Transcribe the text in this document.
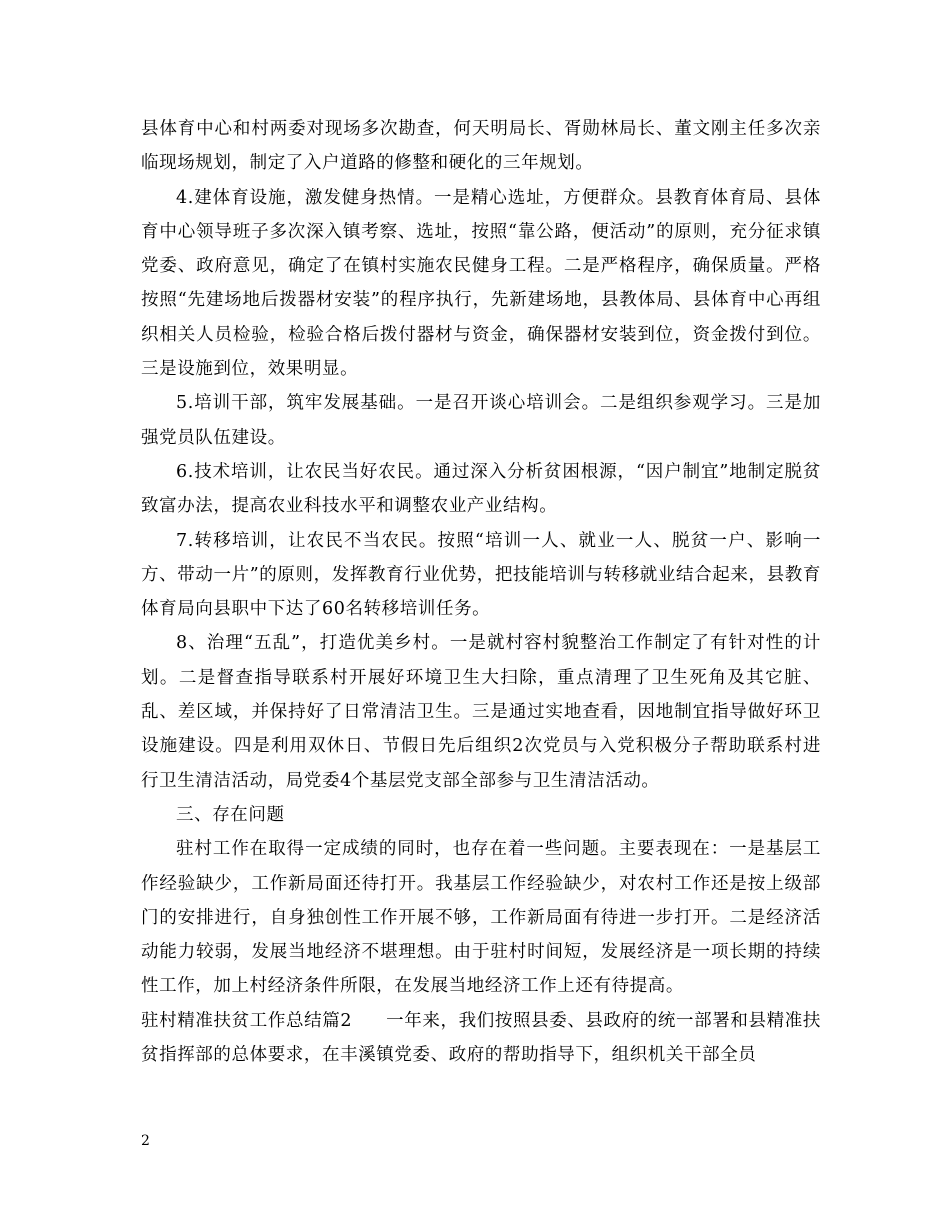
县体育中心和村两委对现场多次勘查，何天明局长、胥勋林局长、董文刚主任多次亲临现场规划，制定了入户道路的修整和硬化的三年规划。

4.建体育设施，激发健身热情。一是精心选址，方便群众。县教育体育局、县体育中心领导班子多次深入镇考察、选址，按照“靠公路，便活动”的原则，充分征求镇党委、政府意见，确定了在镇村实施农民健身工程。二是严格程序，确保质量。严格按照“先建场地后拨器材安装”的程序执行，先新建场地，县教体局、县体育中心再组织相关人员检验，检验合格后拨付器材与资金，确保器材安装到位，资金拨付到位。三是设施到位，效果明显。

5.培训干部，筑牢发展基础。一是召开谈心培训会。二是组织参观学习。三是加强党员队伍建设。

6.技术培训，让农民当好农民。通过深入分析贫困根源，“因户制宜”地制定脱贫致富办法，提高农业科技水平和调整农业产业结构。

7.转移培训，让农民不当农民。按照“培训一人、就业一人、脱贫一户、影响一方、带动一片”的原则，发挥教育行业优势，把技能培训与转移就业结合起来，县教育体育局向县职中下达了60名转移培训任务。

8、治理“五乱”，打造优美乡村。一是就村容村貌整治工作制定了有针对性的计划。二是督查指导联系村开展好环境卫生大扫除，重点清理了卫生死角及其它脏、乱、差区域，并保持好了日常清洁卫生。三是通过实地查看，因地制宜指导做好环卫设施建设。四是利用双休日、节假日先后组织2次党员与入党积极分子帮助联系村进行卫生清洁活动，局党委4个基层党支部全部参与卫生清洁活动。

三、存在问题

驻村工作在取得一定成绩的同时，也存在着一些问题。主要表现在：一是基层工作经验缺少，工作新局面还待打开。我基层工作经验缺少，对农村工作还是按上级部门的安排进行，自身独创性工作开展不够，工作新局面有待进一步打开。二是经济活动能力较弱，发展当地经济不堪理想。由于驻村时间短，发展经济是一项长期的持续性工作，加上村经济条件所限，在发展当地经济工作上还有待提高。

驻村精准扶贫工作总结篇2 一年来，我们按照县委、县政府的统一部署和县精准扶贫指挥部的总体要求，在丰溪镇党委、政府的帮助指导下，组织机关干部全员

2
